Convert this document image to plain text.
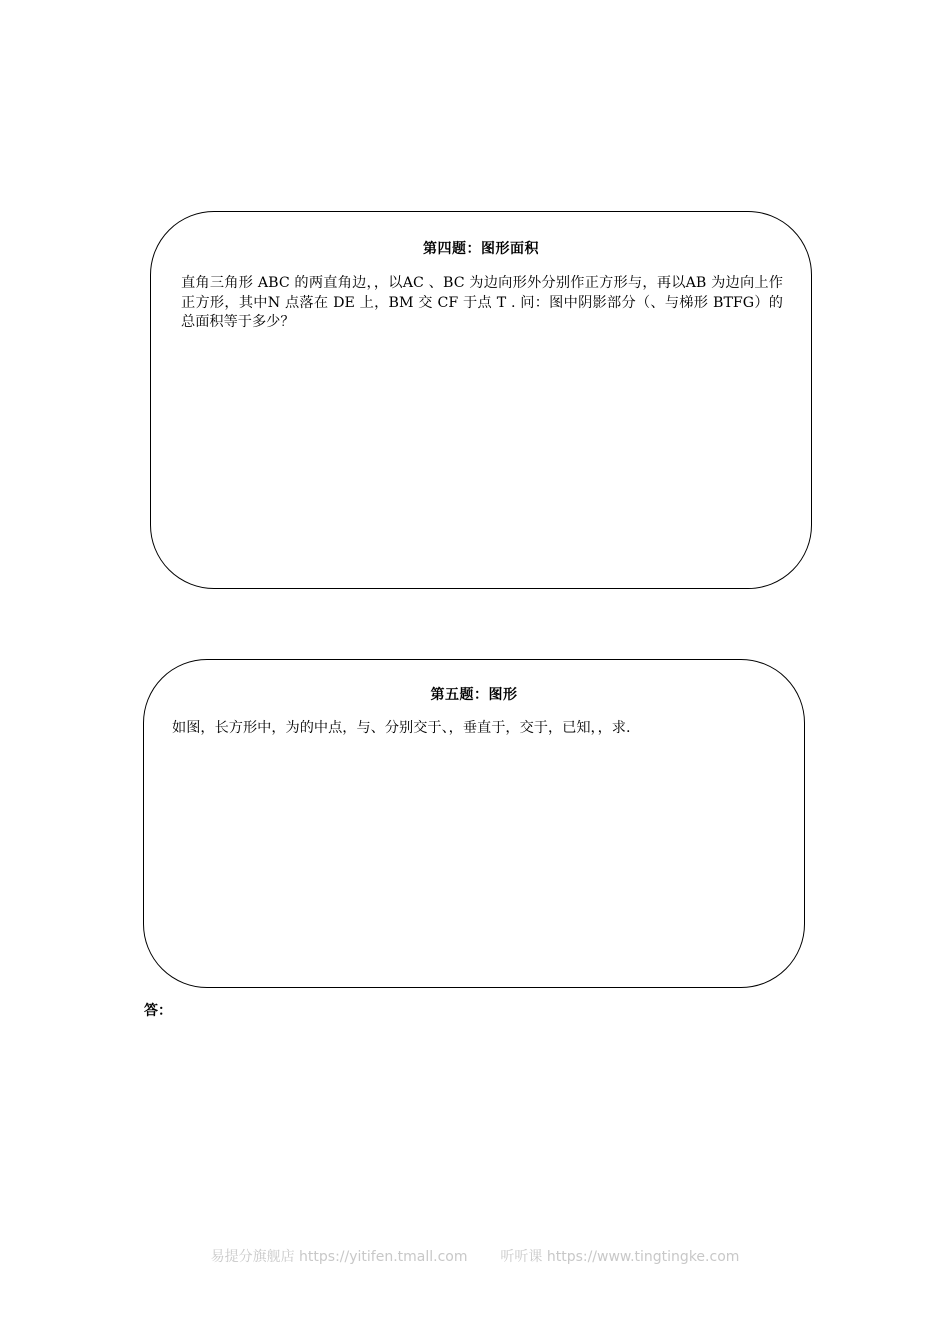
第四题：图形面积
直角三角形 ABC 的两直角边，，以AC 、BC 为边向形外分别作正方形与，再以AB 为边向上作正方形，其中N 点落在 DE 上，BM 交 CF 于点 T . 问：图中阴影部分（、与梯形 BTFG）的总面积等于多少？
第五题：图形
如图，长方形中，为的中点，与、分别交于、，垂直于，交于，已知，，求.
答：
易提分旗舰店 https://yitifen.tmall.com 听听课 https://www.tingtingke.com
